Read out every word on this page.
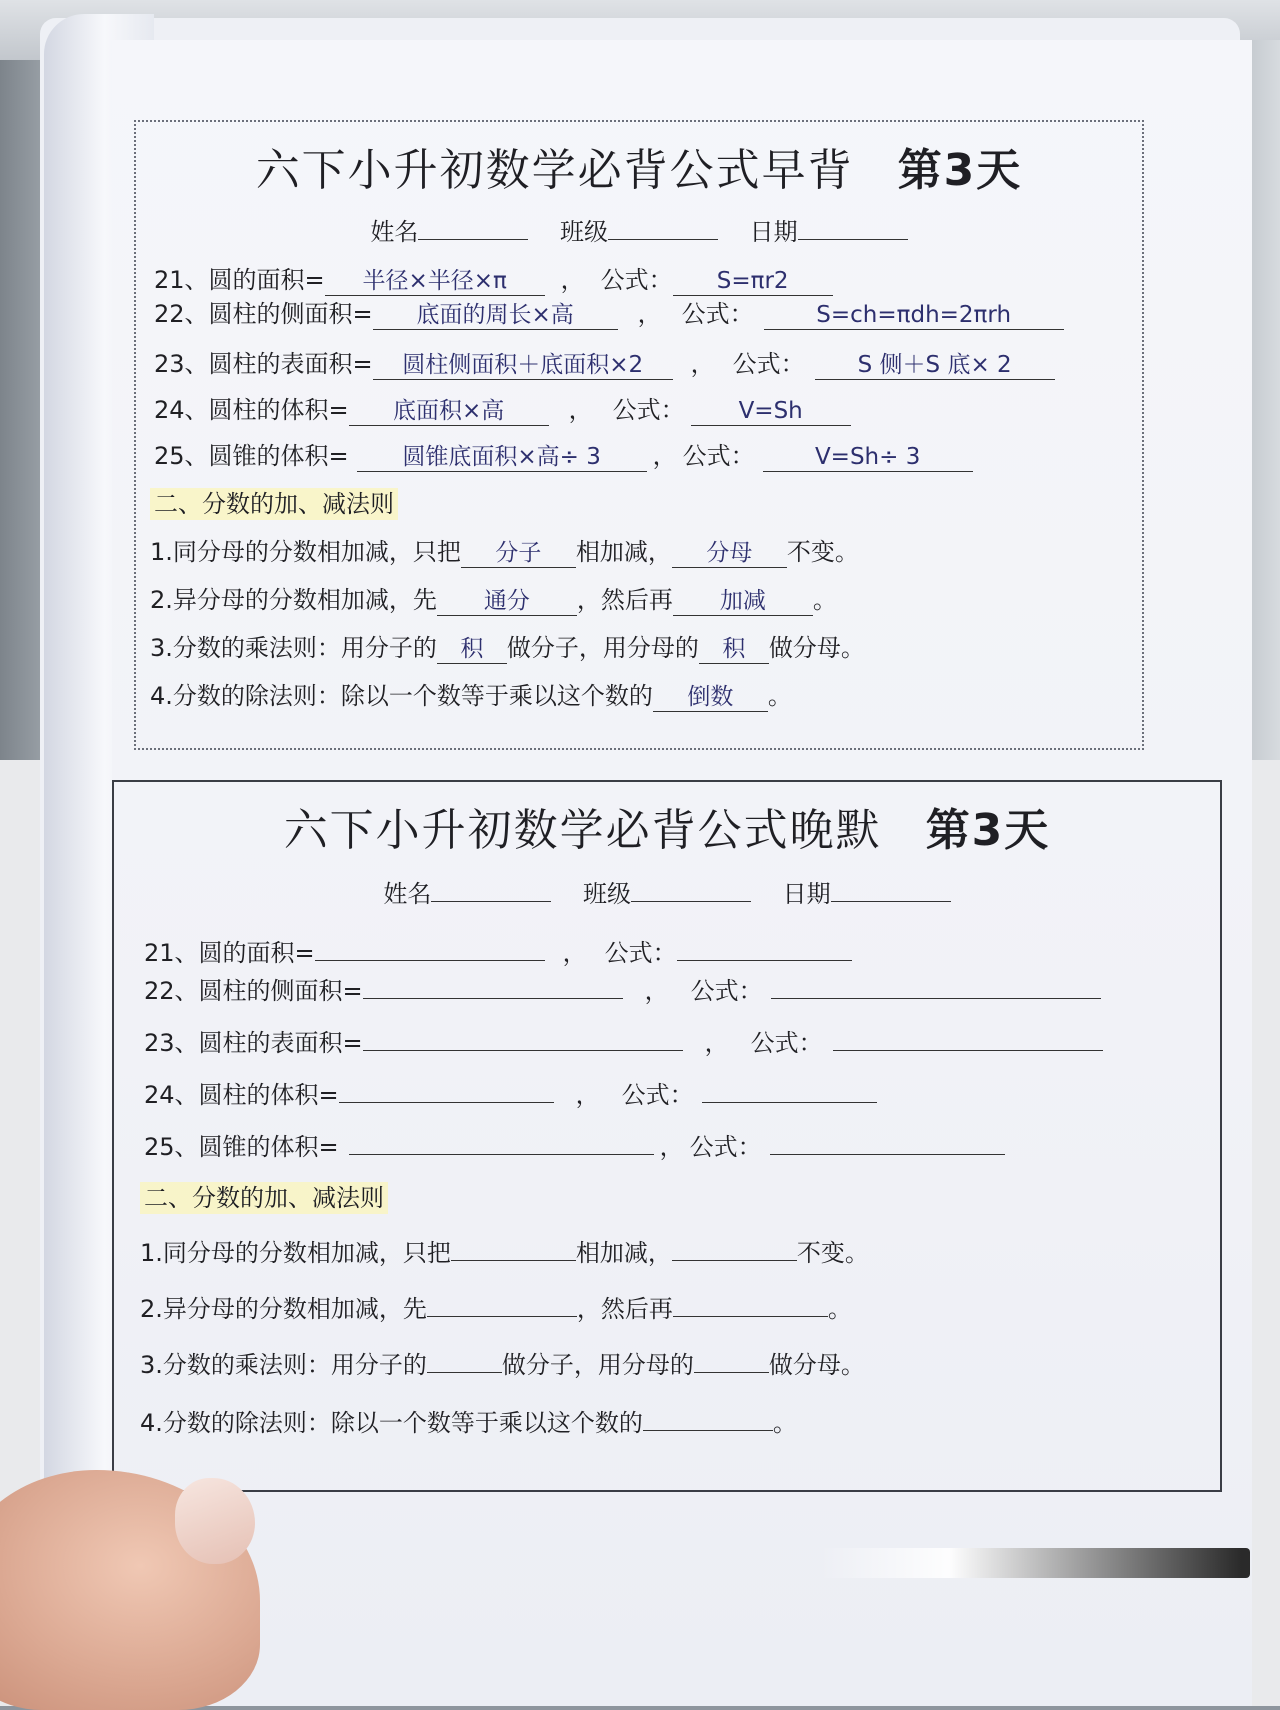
六下小升初数学必背公式早背 第3天
姓名	班级	日期
21、圆的面积= 半径×半径×π ， 公式： S=πr2
22、圆柱的侧面积= 底面的周长×高	， 公式：	S=ch=πdh=2πrh
23、圆柱的表面积= 圆柱侧面积＋底面积×2 ， 公式： S 侧＋S 底× 2
24、圆柱的体积= 底面积×高	， 公式： V=Sh
25、圆锥的体积= 圆锥底面积×高÷ 3 ， 公式：	V=Sh÷ 3
二、分数的加、减法则
1.同分母的分数相加减，只把 分子 相加减， 分母 不变。
2.异分母的分数相加减，先 通分 ，然后再 加减 。
3.分数的乘法则：用分子的 积 做分子，用分母的 积 做分母。
4.分数的除法则：除以一个数等于乘以这个数的 倒数 。
六下小升初数学必背公式晚默 第3天
姓名	班级	日期
21、圆的面积=	， 公式：
22、圆柱的侧面积=	， 公式：
23、圆柱的表面积=	， 公式：
24、圆柱的体积=	， 公式：
25、圆锥的体积=	， 公式：
二、分数的加、减法则
1.同分母的分数相加减，只把	相加减，	不变。
2.异分母的分数相加减，先	，然后再	。
3.分数的乘法则：用分子的	做分子，用分母的	做分母。
4.分数的除法则：除以一个数等于乘以这个数的	。
